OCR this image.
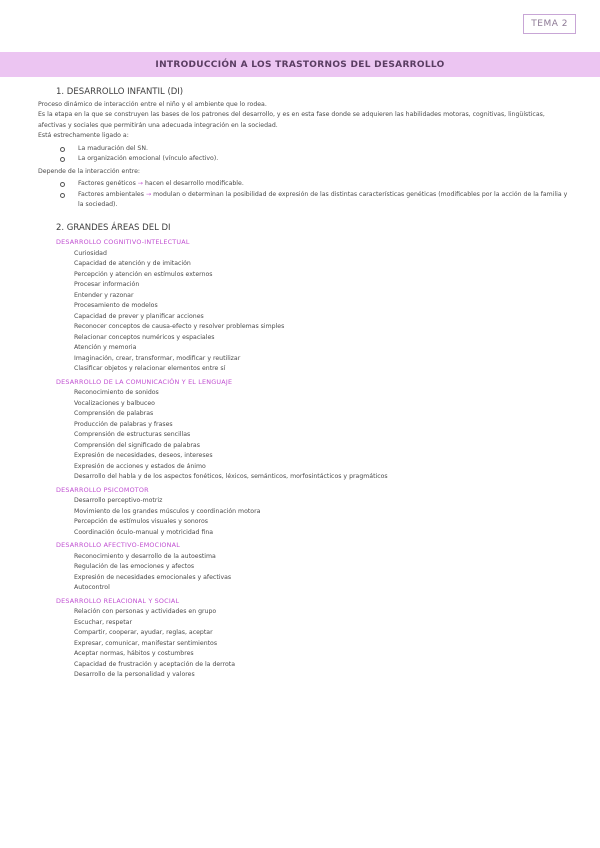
TEMA 2
INTRODUCCIÓN A LOS TRASTORNOS DEL DESARROLLO
1. DESARROLLO INFANTIL (DI)

Proceso dinámico de interacción entre el niño y el ambiente que lo rodea.

Es la etapa en la que se construyen las bases de los patrones del desarrollo, y es en esta fase donde se adquieren las habilidades motoras, cognitivas, lingüísticas, afectivas y sociales que permitirán una adecuada integración en la sociedad.

Está estrechamente ligado a:

La maduración del SN.
La organización emocional (vínculo afectivo).

Depende de la interacción entre:

Factores genéticos → hacen el desarrollo modificable.
Factores ambientales → modulan o determinan la posibilidad de expresión de las distintas características genéticas (modificables por la acción de la familia y la sociedad).
2. GRANDES ÁREAS DEL DI
DESARROLLO COGNITIVO-INTELECTUAL
Curiosidad
Capacidad de atención y de imitación
Percepción y atención en estímulos externos
Procesar información
Entender y razonar
Procesamiento de modelos
Capacidad de prever y planificar acciones
Reconocer conceptos de causa-efecto y resolver problemas simples
Relacionar conceptos numéricos y espaciales
Atención y memoria
Imaginación, crear, transformar, modificar y reutilizar
Clasificar objetos y relacionar elementos entre sí
DESARROLLO DE LA COMUNICACIÓN Y EL LENGUAJE
Reconocimiento de sonidos
Vocalizaciones y balbuceo
Comprensión de palabras
Producción de palabras y frases
Comprensión de estructuras sencillas
Comprensión del significado de palabras
Expresión de necesidades, deseos, intereses
Expresión de acciones y estados de ánimo
Desarrollo del habla y de los aspectos fonéticos, léxicos, semánticos, morfosintácticos y pragmáticos
DESARROLLO PSICOMOTOR
Desarrollo perceptivo-motriz
Movimiento de los grandes músculos y coordinación motora
Percepción de estímulos visuales y sonoros
Coordinación óculo-manual y motricidad fina
DESARROLLO AFECTIVO-EMOCIONAL
Reconocimiento y desarrollo de la autoestima
Regulación de las emociones y afectos
Expresión de necesidades emocionales y afectivas
Autocontrol
DESARROLLO RELACIONAL Y SOCIAL
Relación con personas y actividades en grupo
Escuchar, respetar
Compartir, cooperar, ayudar, reglas, aceptar
Expresar, comunicar, manifestar sentimientos
Aceptar normas, hábitos y costumbres
Capacidad de frustración y aceptación de la derrota
Desarrollo de la personalidad y valores
